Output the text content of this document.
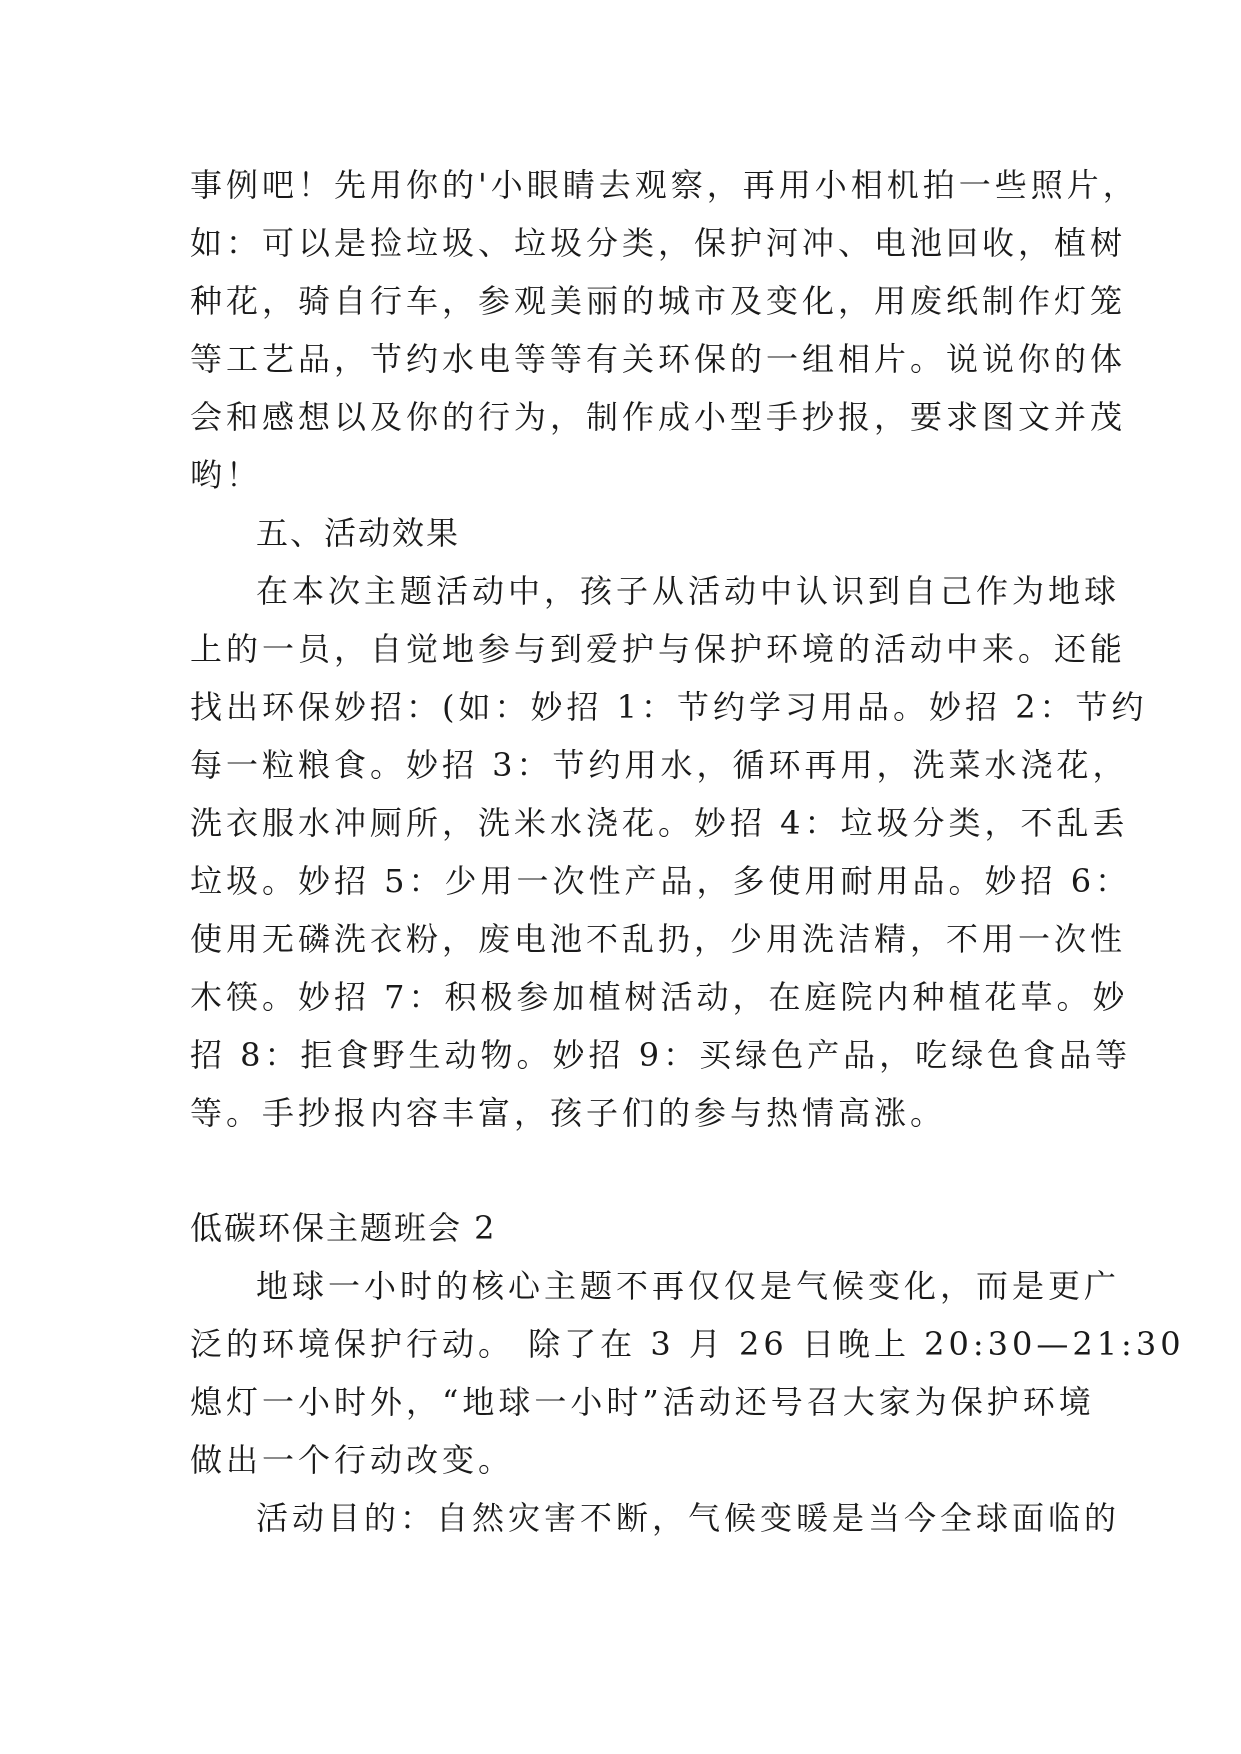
事例吧！先用你的'小眼睛去观察，再用小相机拍一些照片，
如：可以是捡垃圾、垃圾分类，保护河冲、电池回收，植树
种花，骑自行车，参观美丽的城市及变化，用废纸制作灯笼
等工艺品，节约水电等等有关环保的一组相片。说说你的体
会和感想以及你的行为，制作成小型手抄报，要求图文并茂
哟！
五、活动效果
在本次主题活动中，孩子从活动中认识到自己作为地球
上的一员，自觉地参与到爱护与保护环境的活动中来。还能
找出环保妙招：(如：妙招 1：节约学习用品。妙招 2：节约
每一粒粮食。妙招 3：节约用水，循环再用，洗菜水浇花，
洗衣服水冲厕所，洗米水浇花。妙招 4：垃圾分类，不乱丢
垃圾。妙招 5：少用一次性产品，多使用耐用品。妙招 6：
使用无磷洗衣粉，废电池不乱扔，少用洗洁精，不用一次性
木筷。妙招 7：积极参加植树活动，在庭院内种植花草。妙
招 8：拒食野生动物。妙招 9：买绿色产品，吃绿色食品等
等。手抄报内容丰富，孩子们的参与热情高涨。
低碳环保主题班会 2
地球一小时的核心主题不再仅仅是气候变化，而是更广
泛的环境保护行动。 除了在 3 月 26 日晚上 20:30—21:30
熄灯一小时外，“地球一小时”活动还号召大家为保护环境
做出一个行动改变。
活动目的：自然灾害不断，气候变暖是当今全球面临的
